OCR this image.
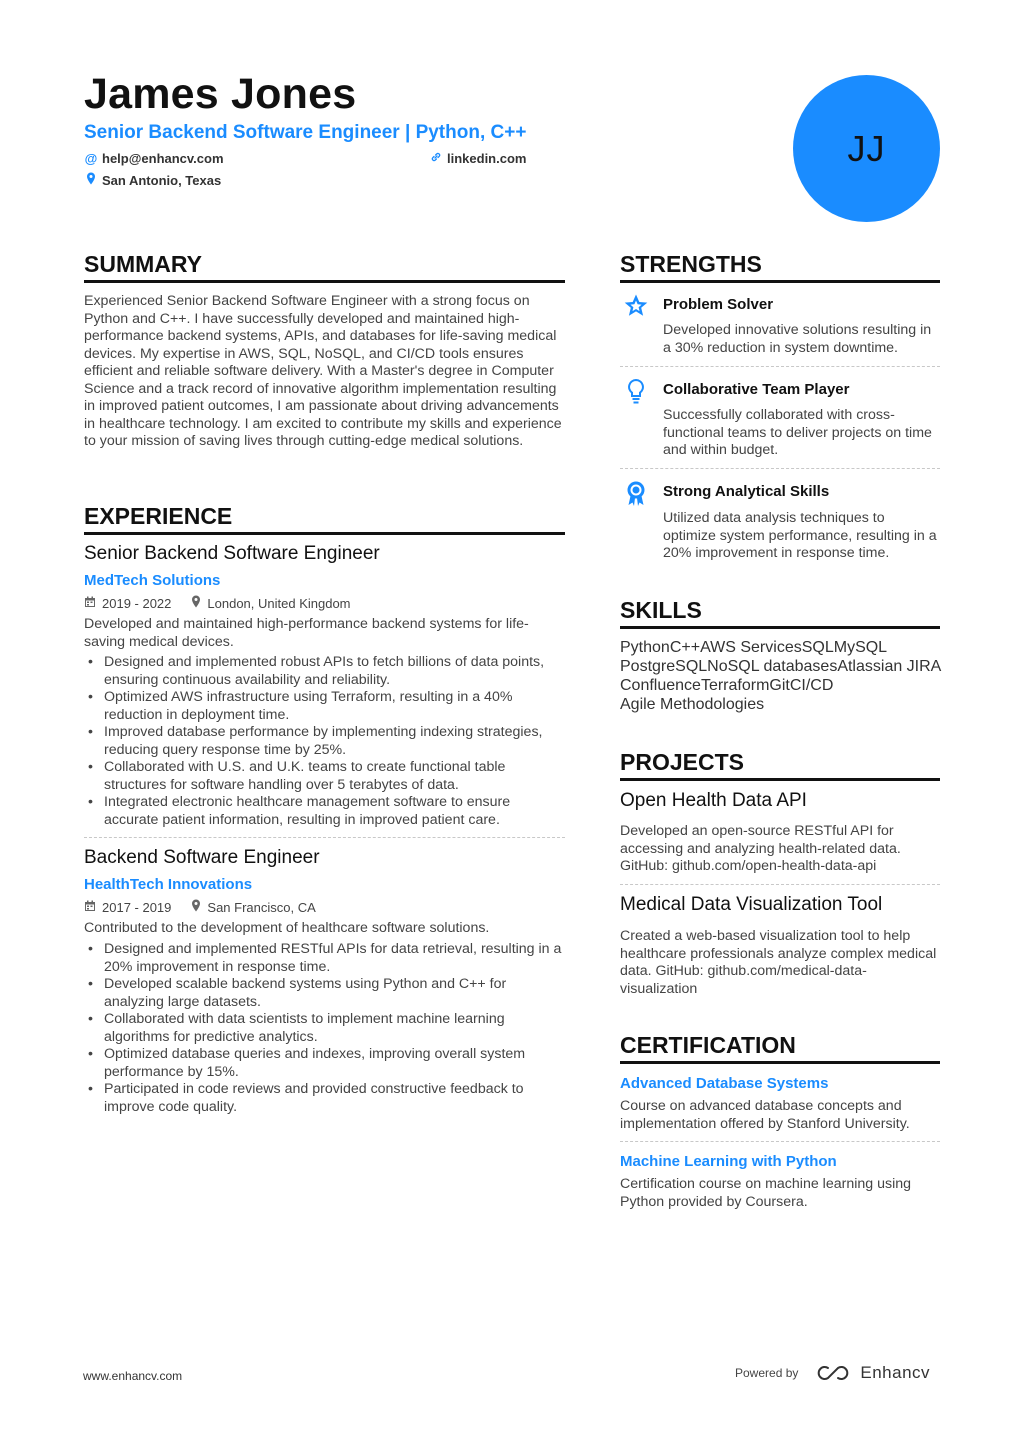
James Jones
Senior Backend Software Engineer | Python, C++
@ help@enhancv.com	linkedin.com
San Antonio, Texas
JJ
SUMMARY

Experienced Senior Backend Software Engineer with a strong focus on Python and C++. I have successfully developed and maintained high-performance backend systems, APIs, and databases for life-saving medical devices. My expertise in AWS, SQL, NoSQL, and CI/CD tools ensures efficient and reliable software delivery. With a Master's degree in Computer Science and a track record of innovative algorithm implementation resulting in improved patient outcomes, I am passionate about driving advancements in healthcare technology. I am excited to contribute my skills and experience to your mission of saving lives through cutting-edge medical solutions.

EXPERIENCE
Senior Backend Software Engineer
MedTech Solutions
2019 - 2022	London, United Kingdom

Developed and maintained high-performance backend systems for life-saving medical devices.

• Designed and implemented robust APIs to fetch billions of data points, ensuring continuous availability and reliability.
• Optimized AWS infrastructure using Terraform, resulting in a 40% reduction in deployment time.
• Improved database performance by implementing indexing strategies, reducing query response time by 25%.
• Collaborated with U.S. and U.K. teams to create functional table structures for software handling over 5 terabytes of data.
• Integrated electronic healthcare management software to ensure accurate patient information, resulting in improved patient care.
Backend Software Engineer
HealthTech Innovations
2017 - 2019	San Francisco, CA

Contributed to the development of healthcare software solutions.

• Designed and implemented RESTful APIs for data retrieval, resulting in a 20% improvement in response time.
• Developed scalable backend systems using Python and C++ for analyzing large datasets.
• Collaborated with data scientists to implement machine learning algorithms for predictive analytics.
• Optimized database queries and indexes, improving overall system performance by 15%.
• Participated in code reviews and provided constructive feedback to improve code quality.
STRENGTHS
Problem Solver

Developed innovative solutions resulting in a 30% reduction in system downtime.

Collaborative Team Player

Successfully collaborated with cross-functional teams to deliver projects on time and within budget.

Strong Analytical Skills

Utilized data analysis techniques to optimize system performance, resulting in a 20% improvement in response time.

SKILLS

PythonC++AWS ServicesSQLMySQL
PostgreSQLNoSQL databasesAtlassian JIRA
ConfluenceTerraformGitCI/CD
Agile Methodologies

PROJECTS
Open Health Data API

Developed an open-source RESTful API for accessing and analyzing health-related data. GitHub: github.com/open-health-data-api

Medical Data Visualization Tool

Created a web-based visualization tool to help healthcare professionals analyze complex medical data. GitHub: github.com/medical-data-visualization

CERTIFICATION
Advanced Database Systems

Course on advanced database concepts and implementation offered by Stanford University.

Machine Learning with Python

Certification course on machine learning using Python provided by Coursera.

www.enhancv.com	Powered by	Enhancv
